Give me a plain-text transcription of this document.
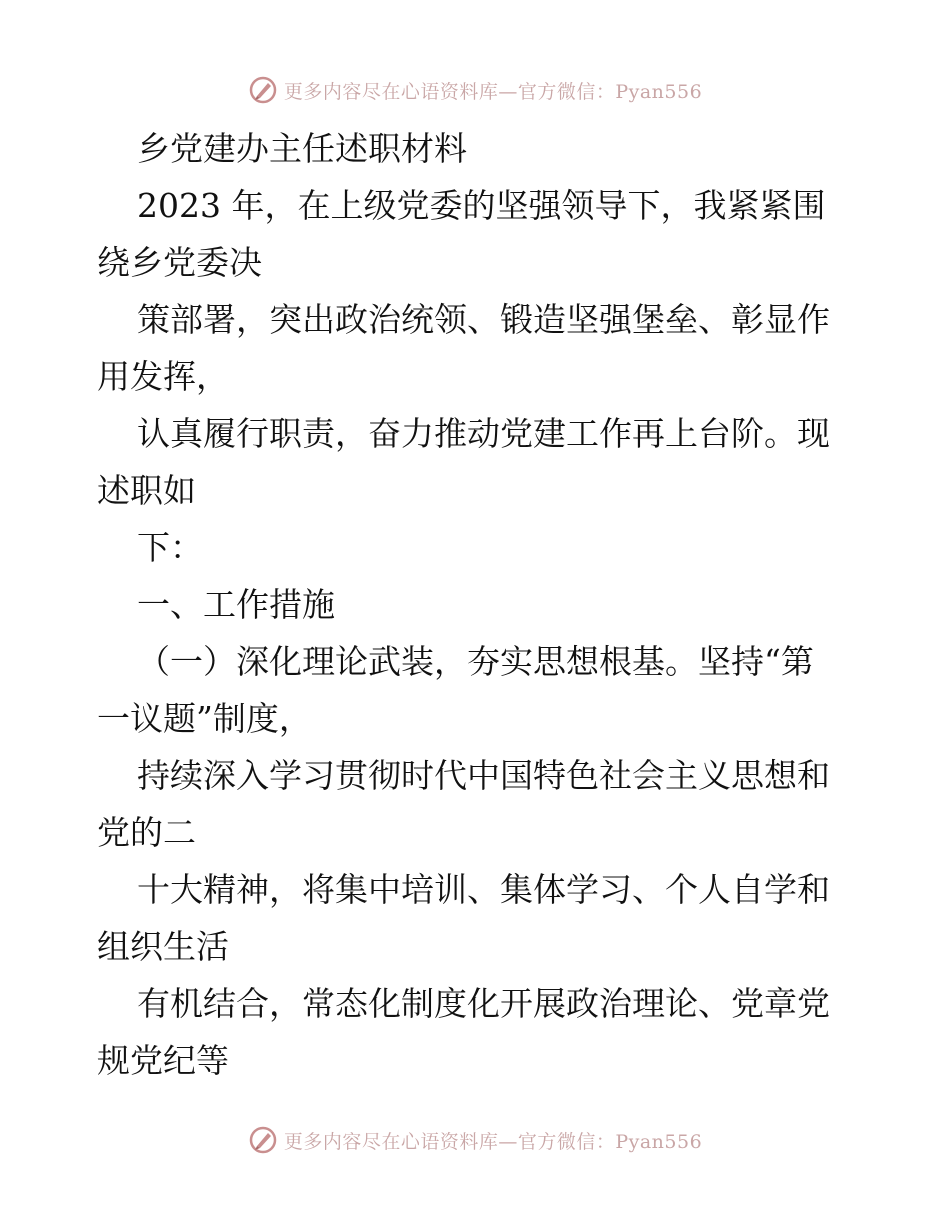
更多内容尽在心语资料库—官方微信：Pyan556

乡党建办主任述职材料

2023 年，在上级党委的坚强领导下，我紧紧围

绕乡党委决

策部署，突出政治统领、锻造坚强堡垒、彰显作

用发挥，

认真履行职责，奋力推动党建工作再上台阶。现

述职如

下：

一、工作措施

（一）深化理论武装，夯实思想根基。坚持“第

一议题”制度，

持续深入学习贯彻时代中国特色社会主义思想和

党的二

十大精神，将集中培训、集体学习、个人自学和

组织生活

有机结合，常态化制度化开展政治理论、党章党

规党纪等

更多内容尽在心语资料库—官方微信：Pyan556
